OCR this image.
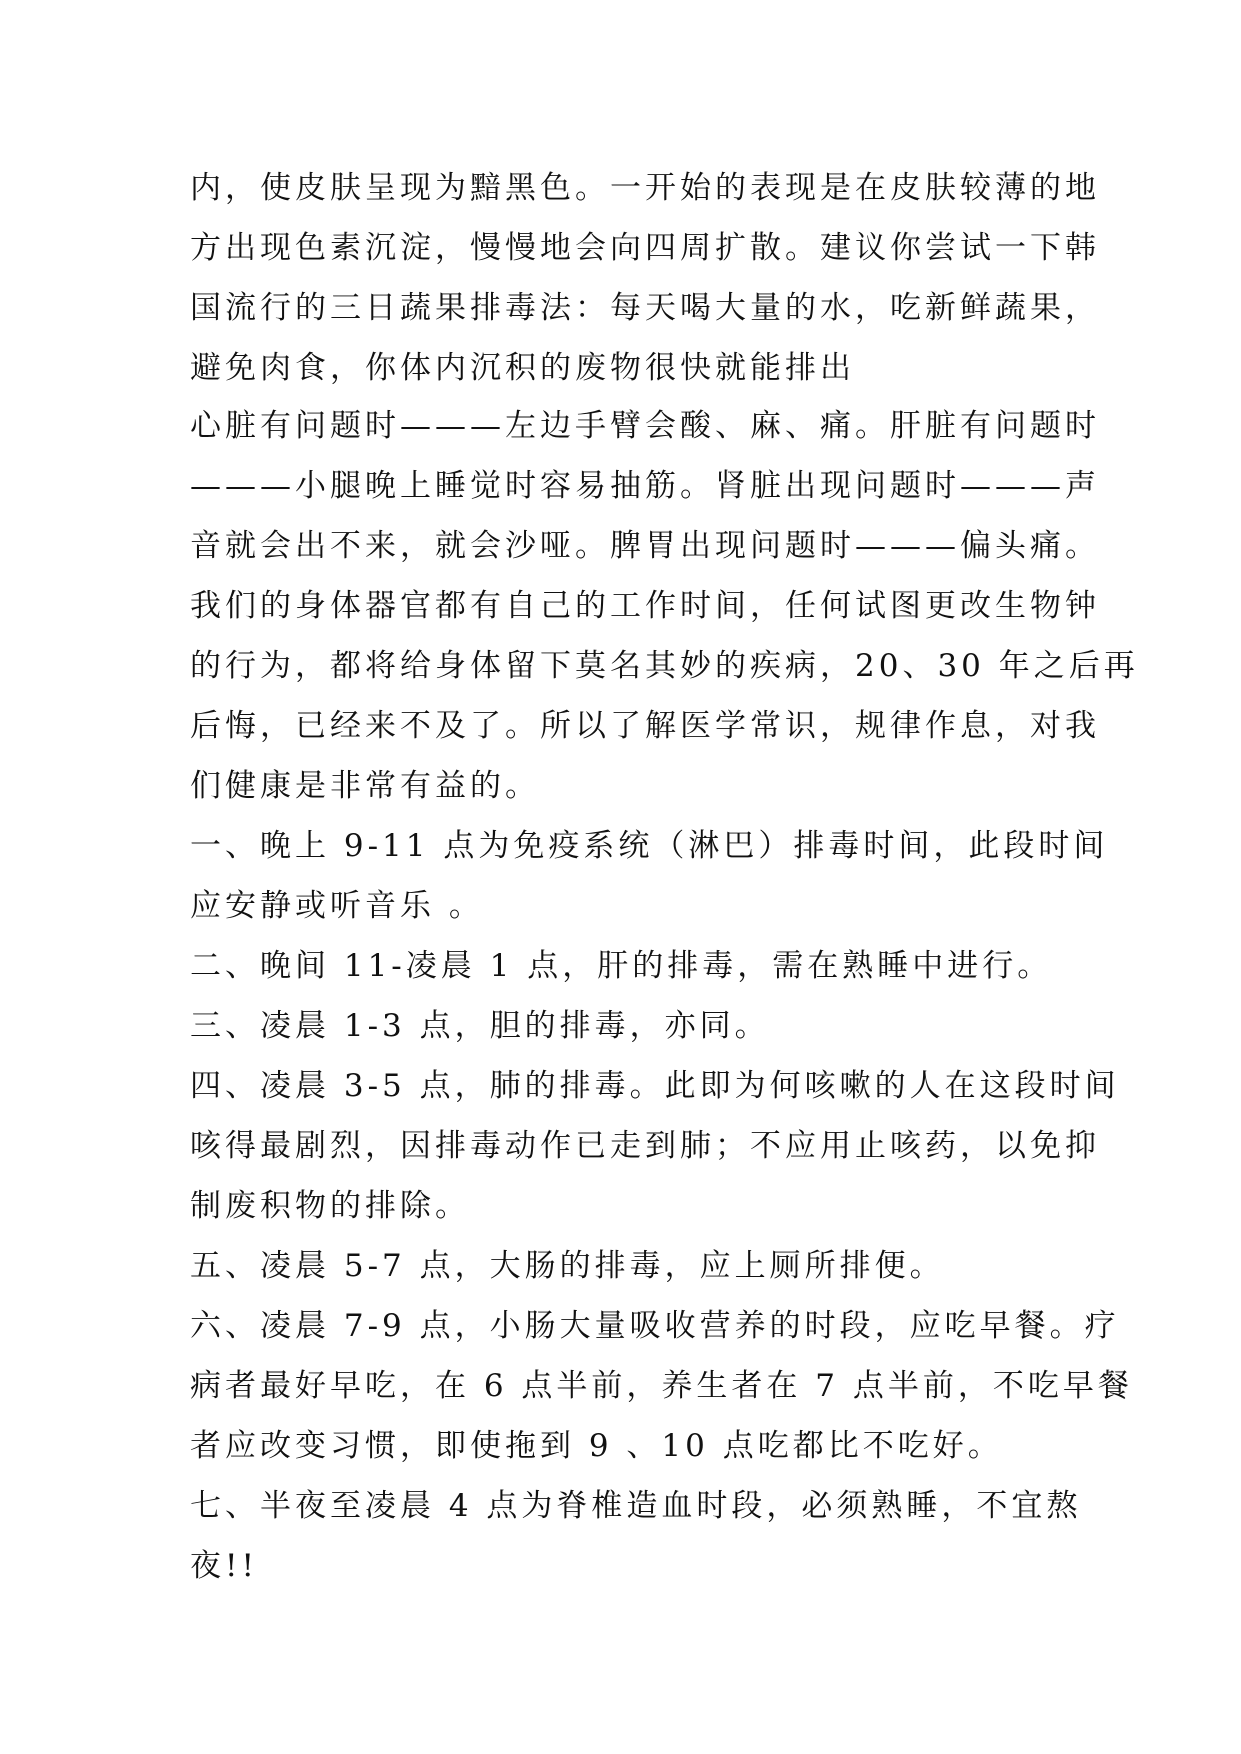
内，使皮肤呈现为黯黑色。一开始的表现是在皮肤较薄的地
方出现色素沉淀，慢慢地会向四周扩散。建议你尝试一下韩
国流行的三日蔬果排毒法：每天喝大量的水，吃新鲜蔬果，
避免肉食，你体内沉积的废物很快就能排出
心脏有问题时———左边手臂会酸、麻、痛。肝脏有问题时
———小腿晚上睡觉时容易抽筋。肾脏出现问题时———声
音就会出不来，就会沙哑。脾胃出现问题时———偏头痛。
我们的身体器官都有自己的工作时间，任何试图更改生物钟
的行为，都将给身体留下莫名其妙的疾病，20、30 年之后再
后悔，已经来不及了。所以了解医学常识，规律作息，对我
们健康是非常有益的。
一、晚上 9-11 点为免疫系统（淋巴）排毒时间，此段时间
应安静或听音乐 。
二、晚间 11-凌晨 1 点，肝的排毒，需在熟睡中进行。
三、凌晨 1-3 点，胆的排毒，亦同。
四、凌晨 3-5 点，肺的排毒。此即为何咳嗽的人在这段时间
咳得最剧烈，因排毒动作已走到肺；不应用止咳药，以免抑
制废积物的排除。
五、凌晨 5-7 点，大肠的排毒，应上厕所排便。
六、凌晨 7-9 点，小肠大量吸收营养的时段，应吃早餐。疗
病者最好早吃，在 6 点半前，养生者在 7 点半前，不吃早餐
者应改变习惯，即使拖到 9 、10 点吃都比不吃好。
七、半夜至凌晨 4 点为脊椎造血时段，必须熟睡，不宜熬
夜!!
